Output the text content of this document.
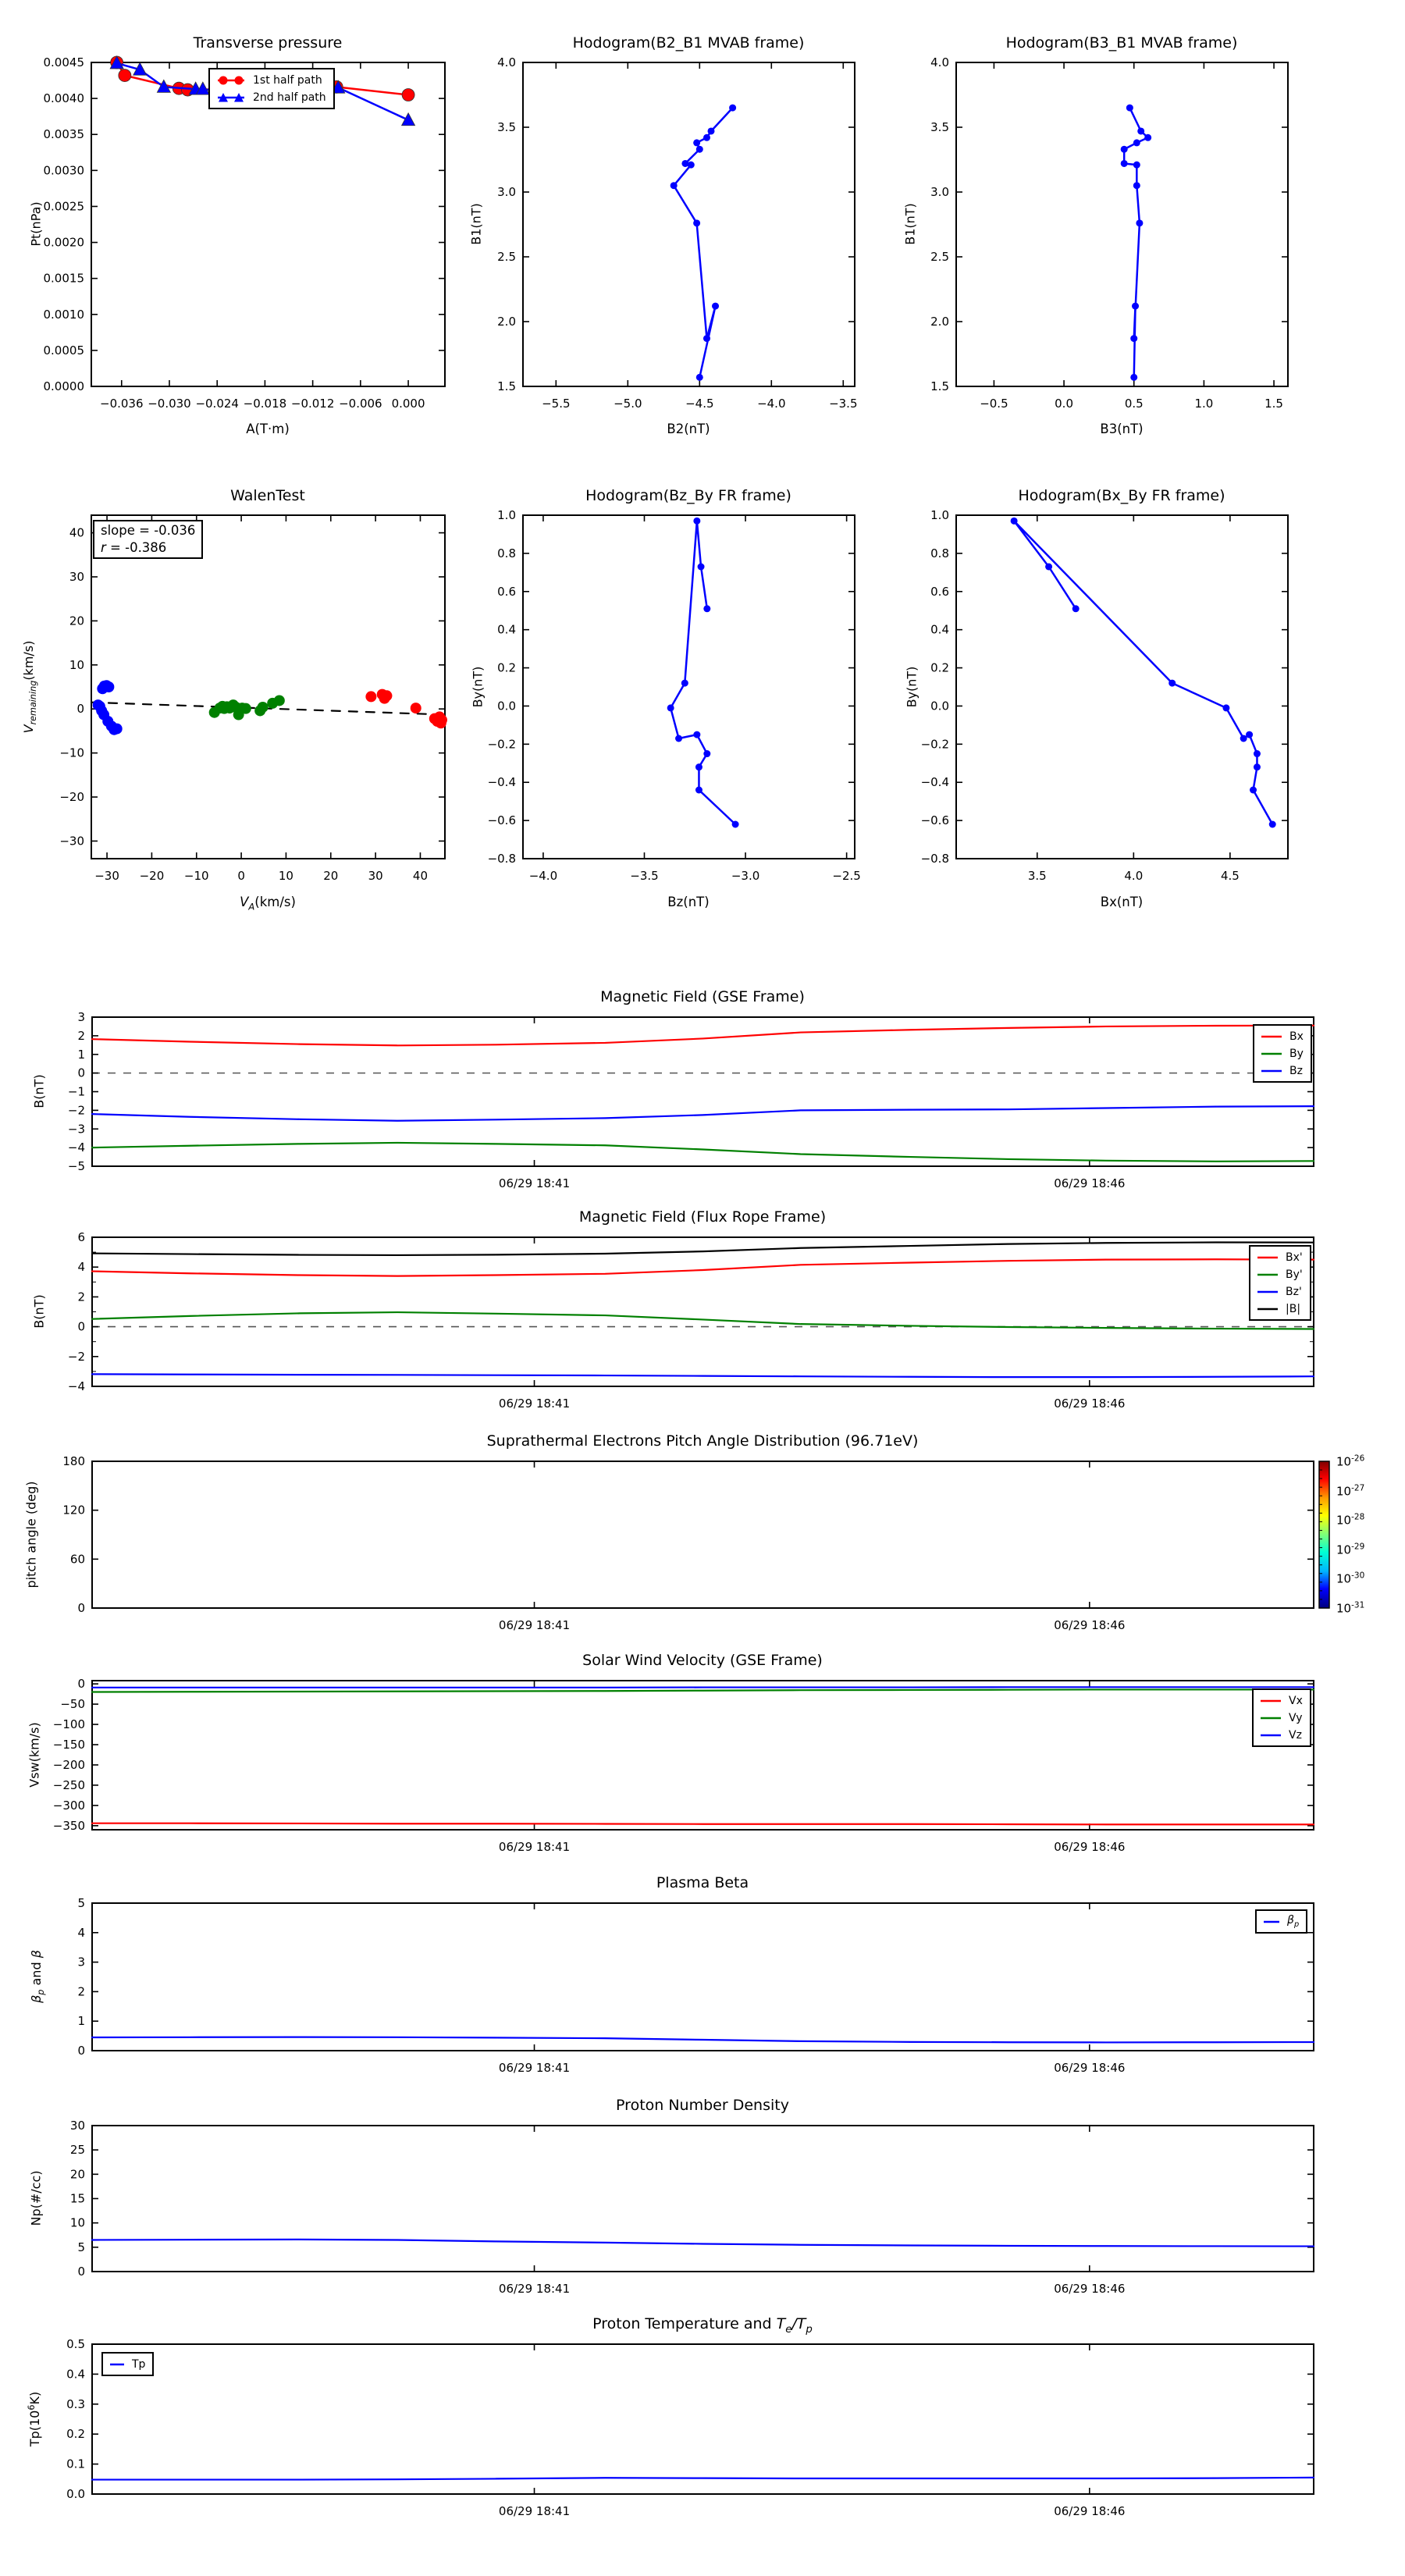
−0.036 −0.030 −0.024 −0.018 −0.012 −0.006 0.000
0.0000
0.0005
0.0010
0.0015
0.0020
0.0025
0.0030
0.0035
0.0040
0.0045
−5.5	−5.0	−4.5	−4.0	−3.5
1.5
2.0
2.5
3.0
3.5
4.0
−0.5	0.0	0.5	1.0	1.5
1.5
2.0
2.5
3.0
3.5
4.0
−30 −20 −10 0	10	20	30	40
−30
−20
−10
0
10
20
30
40
−4.0	−3.5	−3.0	−2.5
−0.8
−0.6
−0.4
−0.2
0.0
0.2
0.4
0.6
0.8
1.0
3.5	4.0	4.5
−0.8
−0.6
−0.4
−0.2
0.0
0.2
0.4
0.6
0.8
1.0
06/29 18:41	06/29 18:46
3
2
1
0
−1
−2
−3
−4
−5
06/29 18:41	06/29 18:46
6
4
2
0
−2
−4
06/29 18:41	06/29 18:46
0
60
120
180
06/29 18:41	06/29 18:46
0
−50
−100
−150
−200
−250
−300
−350
06/29 18:41	06/29 18:46
0
1
2
3
4
5
06/29 18:41	06/29 18:46
0
5
10
15
20
25
30
06/29 18:41	06/29 18:46
0.0
0.1
0.2
0.3
0.4
0.5
Transverse pressure	Hodogram(B2_B1 MVAB frame)	Hodogram(B3_B1 MVAB frame)
WalenTest	Hodogram(Bz_By FR frame)	Hodogram(Bx_By FR frame)
Magnetic Field (GSE Frame)
Magnetic Field (Flux Rope Frame)
Suprathermal Electrons Pitch Angle Distribution (96.71eV)
Solar Wind Velocity (GSE Frame)
Plasma Beta
Proton Number Density
Proton Temperature and $T_e/T_p$
A(T·m)	B2(nT)	B3(nT)
$V_A(km/s)$	Bz(nT)	Bx(nT)
Pt(nPa)	B1(nT)	B1(nT)
$V_{remaining}(km/s)$
By(nT)	By(nT)
B(nT)
B(nT)
pitch angle (deg)
Vsw(km/s)
$\beta_p$ and β
Np(#/cc)
$Tp(10^6K)$
slope = -0.036
r = -0.386
1st half path
2nd half path
Bx
By
Bz
Bx'
By'
Bz'
|B|
Vx
Vy
Vz
$\beta_p$
Tp
$10^{-26}$
$10^{-27}$
$10^{-28}$
$10^{-29}$
$10^{-30}$
$10^{-31}$
